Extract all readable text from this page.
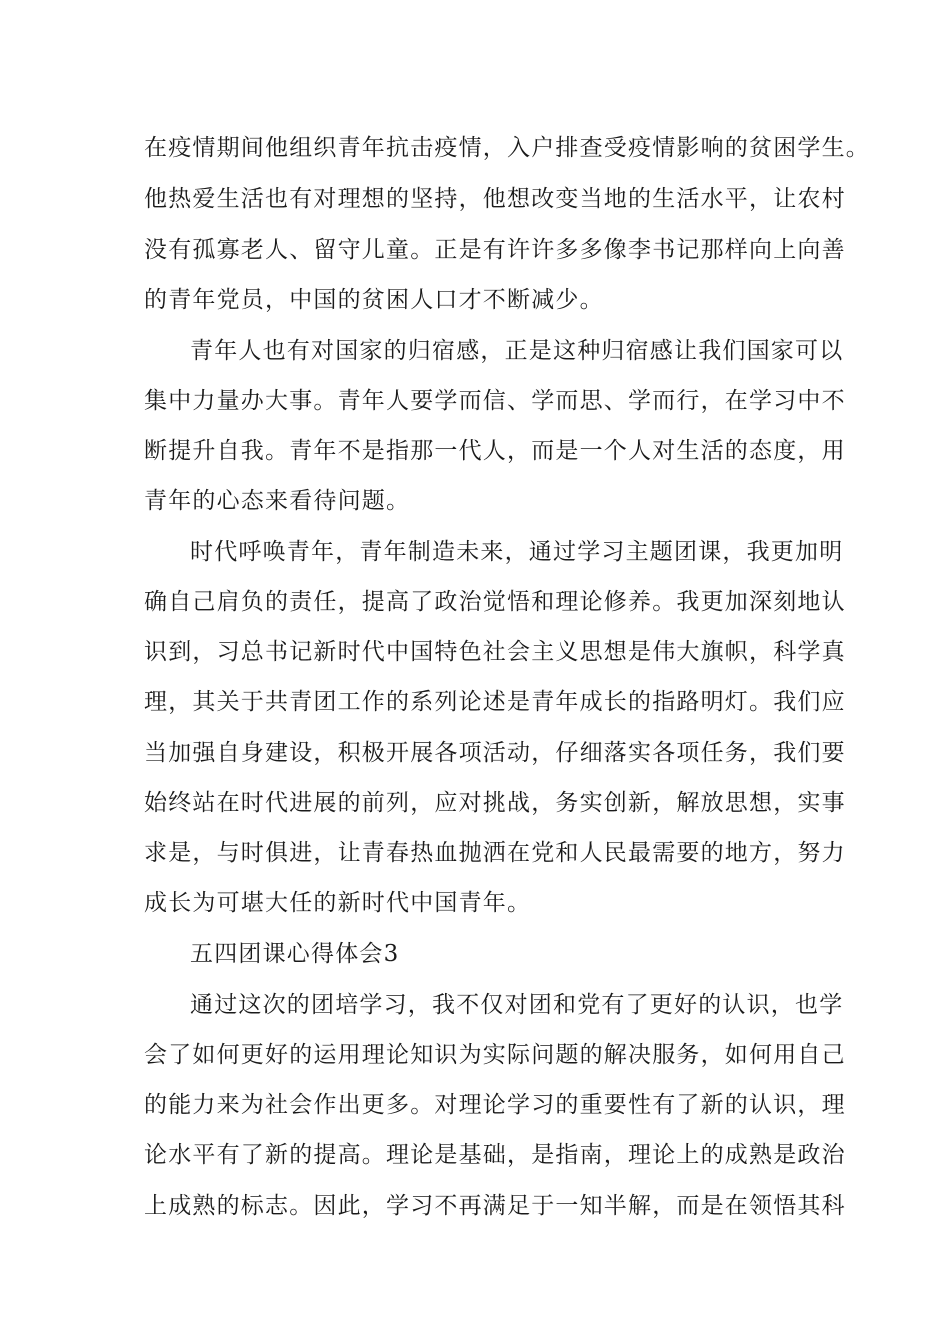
在疫情期间他组织青年抗击疫情，入户排查受疫情影响的贫困学生。
他热爱生活也有对理想的坚持，他想改变当地的生活水平，让农村
没有孤寡老人、留守儿童。正是有许许多多像李书记那样向上向善
的青年党员，中国的贫困人口才不断减少。
青年人也有对国家的归宿感，正是这种归宿感让我们国家可以
集中力量办大事。青年人要学而信、学而思、学而行，在学习中不
断提升自我。青年不是指那一代人，而是一个人对生活的态度，用
青年的心态来看待问题。
时代呼唤青年，青年制造未来，通过学习主题团课，我更加明
确自己肩负的责任，提高了政治觉悟和理论修养。我更加深刻地认
识到，习总书记新时代中国特色社会主义思想是伟大旗帜，科学真
理，其关于共青团工作的系列论述是青年成长的指路明灯。我们应
当加强自身建设，积极开展各项活动，仔细落实各项任务，我们要
始终站在时代进展的前列，应对挑战，务实创新，解放思想，实事
求是，与时俱进，让青春热血抛洒在党和人民最需要的地方，努力
成长为可堪大任的新时代中国青年。
五四团课心得体会3
通过这次的团培学习，我不仅对团和党有了更好的认识，也学
会了如何更好的运用理论知识为实际问题的解决服务，如何用自己
的能力来为社会作出更多。对理论学习的重要性有了新的认识，理
论水平有了新的提高。理论是基础，是指南，理论上的成熟是政治
上成熟的标志。因此，学习不再满足于一知半解，而是在领悟其科
